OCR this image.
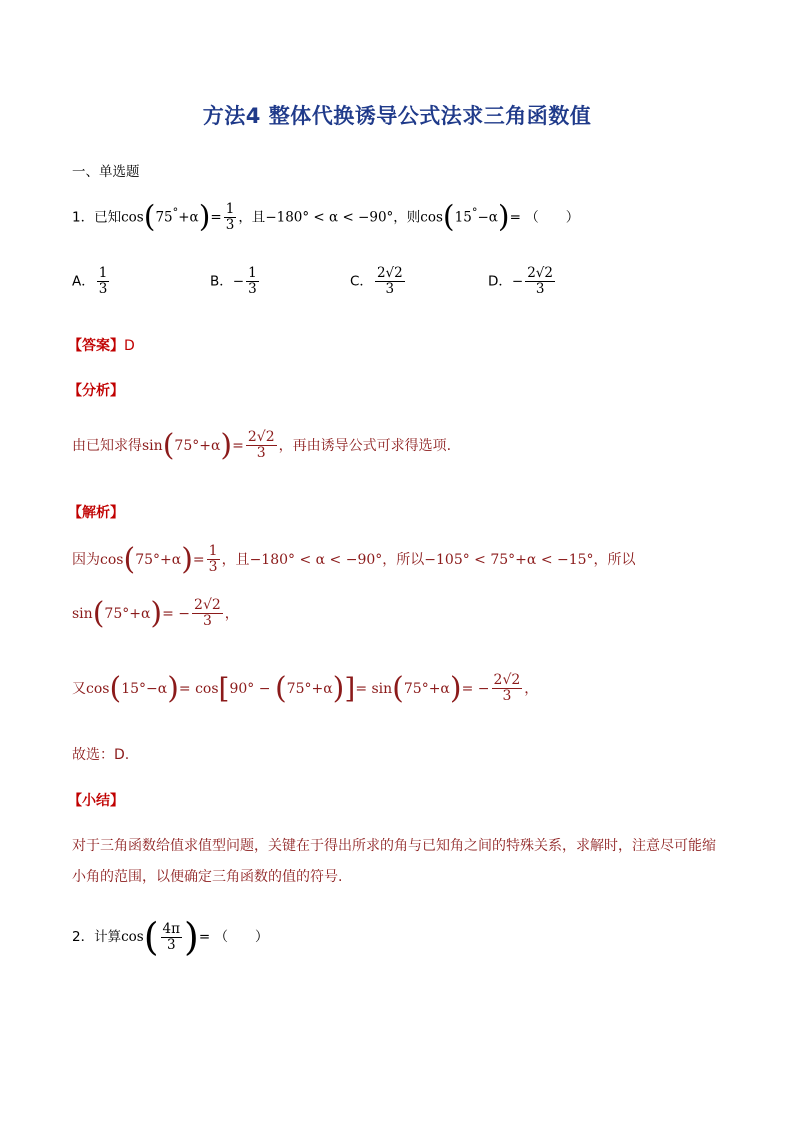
方法4 整体代换诱导公式法求三角函数值
一、单选题
1．已知$\cos(75^\circ+\alpha)= \frac{1}{3}$ ，且−180° < α < −90°，则cos(15°−α)= （　　）
A． $\frac{1}{3}$	B．− $\frac{1}{3}$	C． $\frac{2√2}{3}$	D．− $\frac{2√2}{3}$
【答案】D
【分析】
由已知求得$\sin(75^\circ+\alpha)= \frac{2√2}{3}$ ，再由诱导公式可求得选项.
【解析】
因为$\cos(75^\circ+\alpha)= \frac{1}{3}$ ，且−180° < α < −90°，所以−105° < 75°+α < −15°，所以
$\sin(75^\circ+\alpha)= - \frac{2√2}{3}$ ，
又$\cos(15^\circ-\alpha)= \cos[90^\circ - (75^\circ+\alpha)]= \sin(75^\circ+\alpha)= - \frac{2√2}{3}$ ，
故选：D.
【小结】
对于三角函数给值求值型问题，关键在于得出所求的角与已知角之间的特殊关系，求解时，注意尽可能缩
小角的范围，以便确定三角函数的值的符号.
2．计算$\cos( \frac{4\pi}{3}$ )= （　　）
